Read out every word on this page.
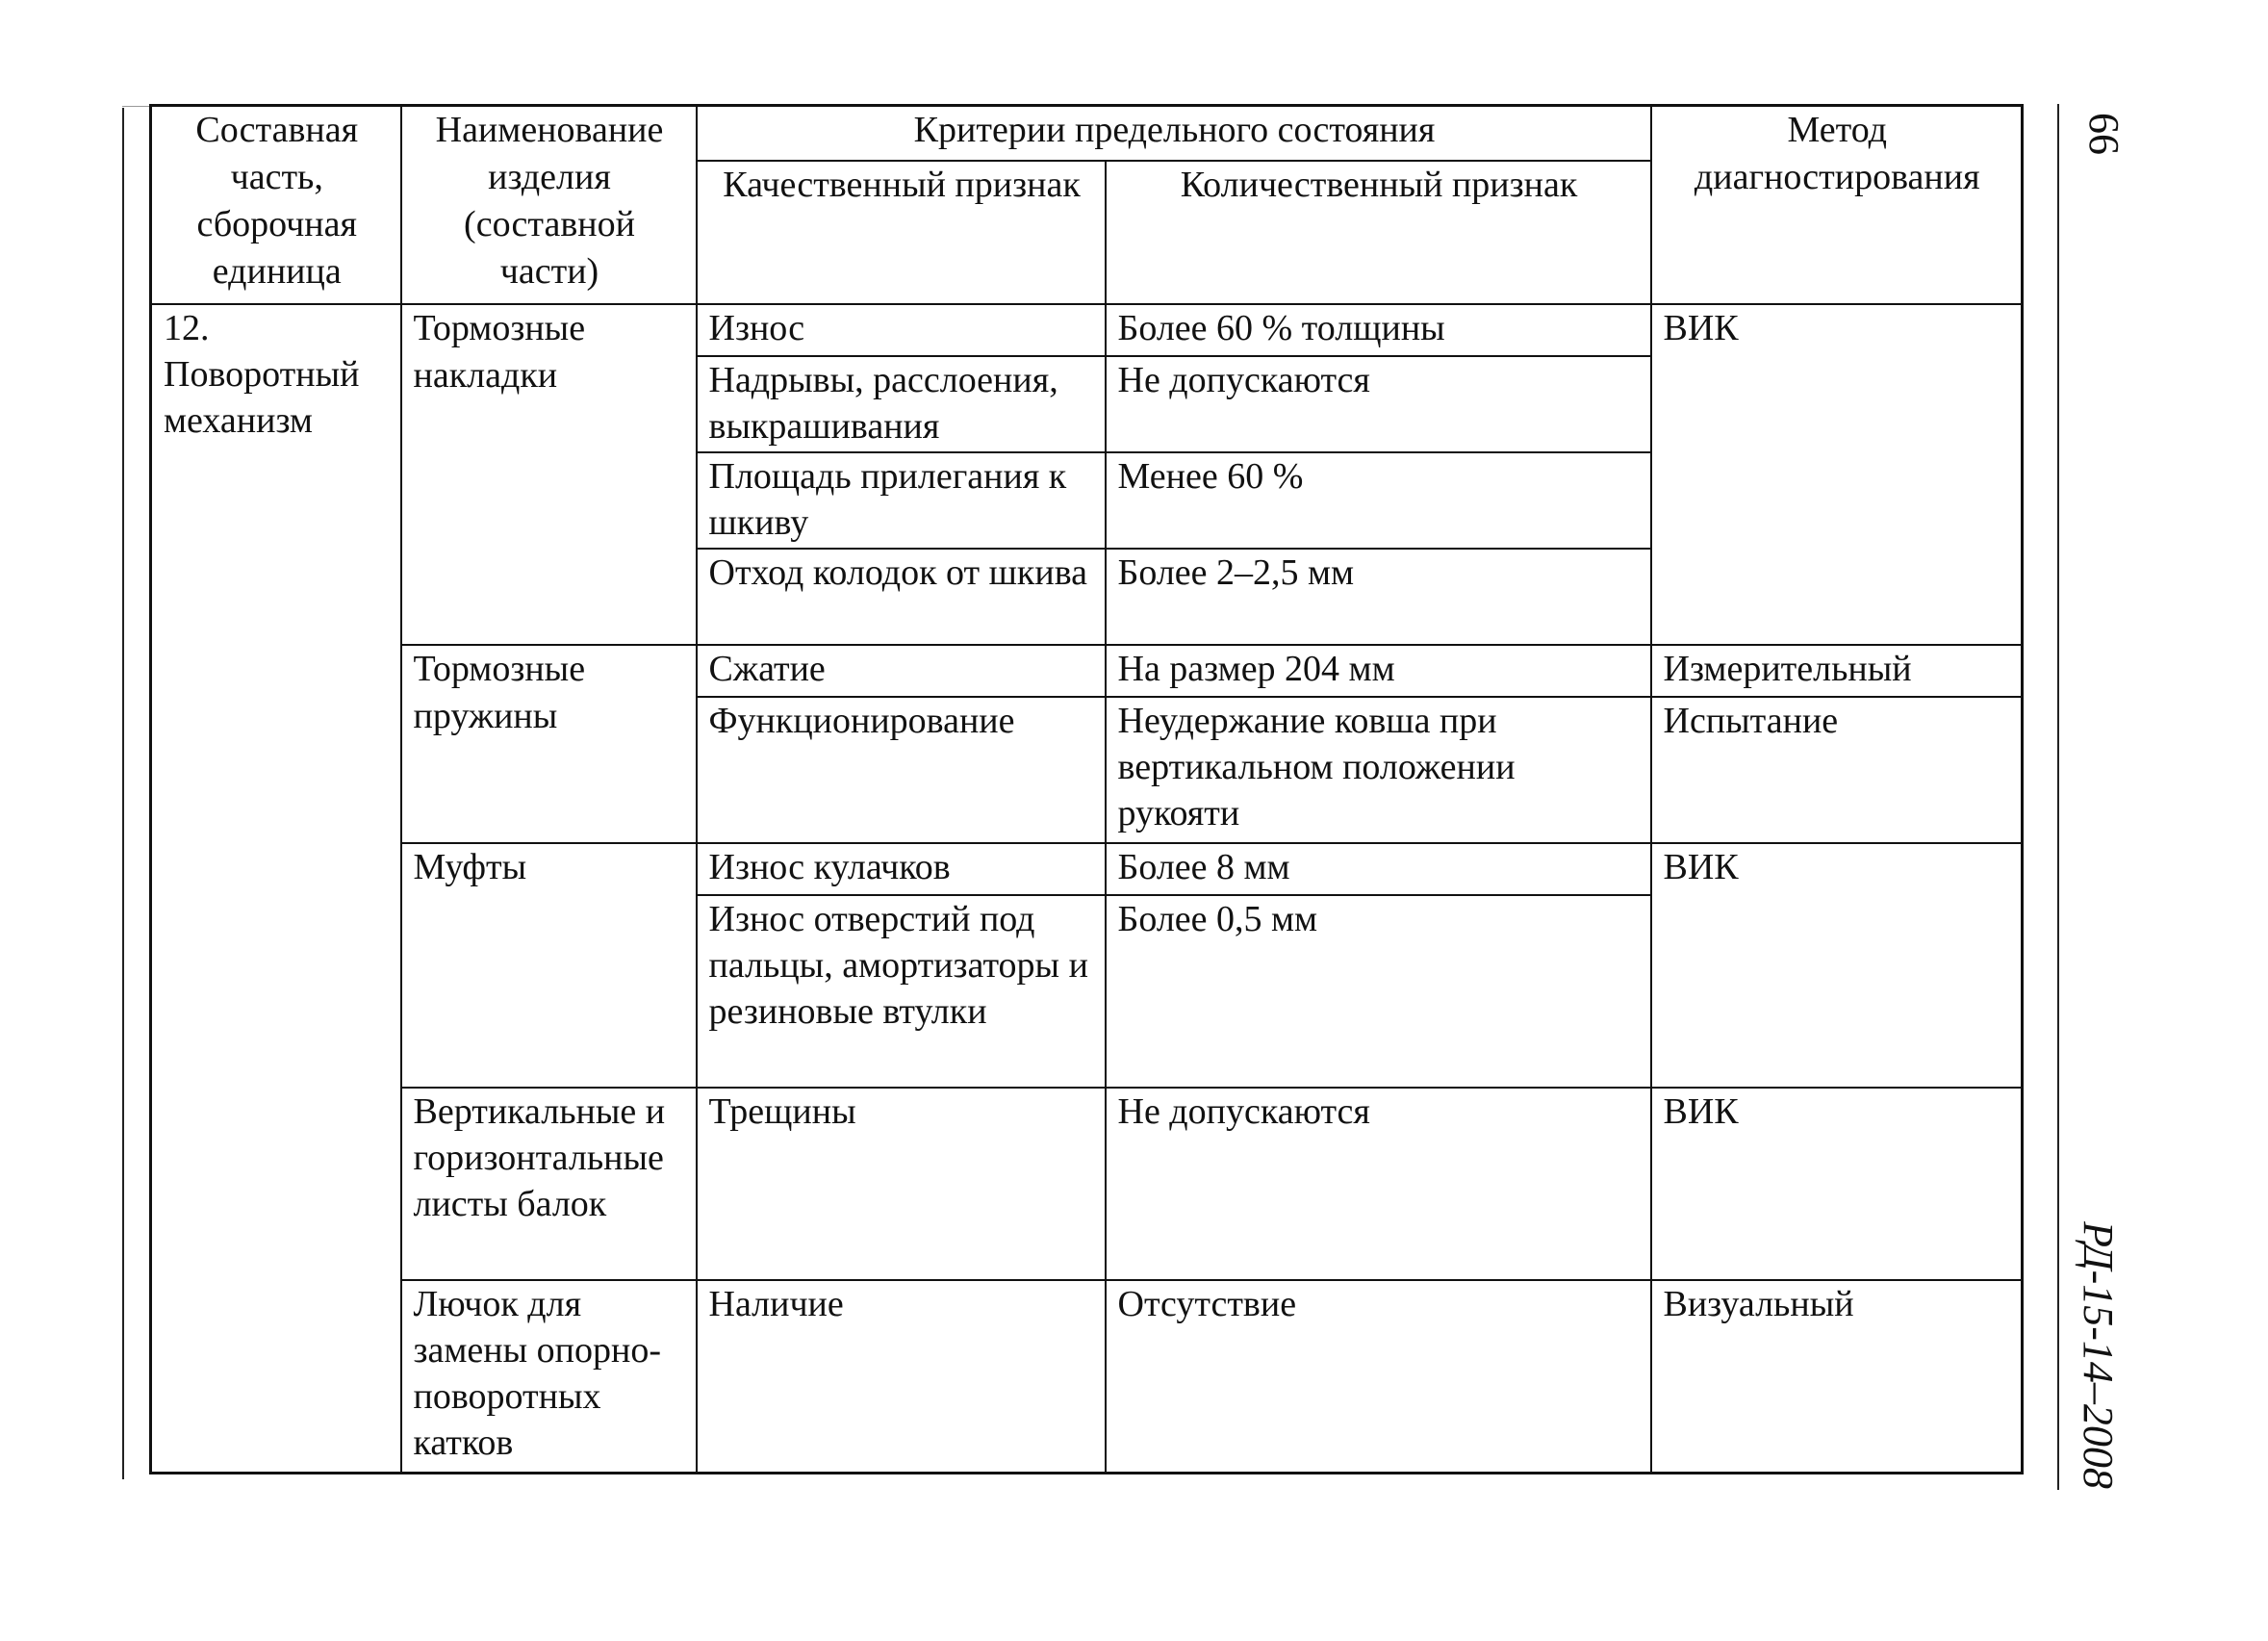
66
РД-15-14–2008
Составная часть, сборочная единица	Наименование изделия (составной части)	Критерии предельного состояния		Метод диагностирования
		Качественный признак	Количественный признак	
12. Поворотный механизм	Тормозные накладки	Износ	Более 60 % толщины	ВИК
		Надрывы, расслоения, выкрашивания	Не допускаются	
		Площадь прилегания к шкиву	Менее 60 %	
		Отход колодок от шкива	Более 2–2,5 мм	
	Тормозные пружины	Сжатие	На размер 204 мм	Измерительный
		Функционирование	Неудержание ковша при вертикальном положении рукояти	Испытание
	Муфты	Износ кулачков	Более 8 мм	ВИК
		Износ отверстий под пальцы, амортизаторы и резиновые втулки	Более 0,5 мм	
	Вертикальные и горизонтальные листы балок	Трещины	Не допускаются	ВИК
	Лючок для замены опорно-поворотных катков	Наличие	Отсутствие	Визуальный
